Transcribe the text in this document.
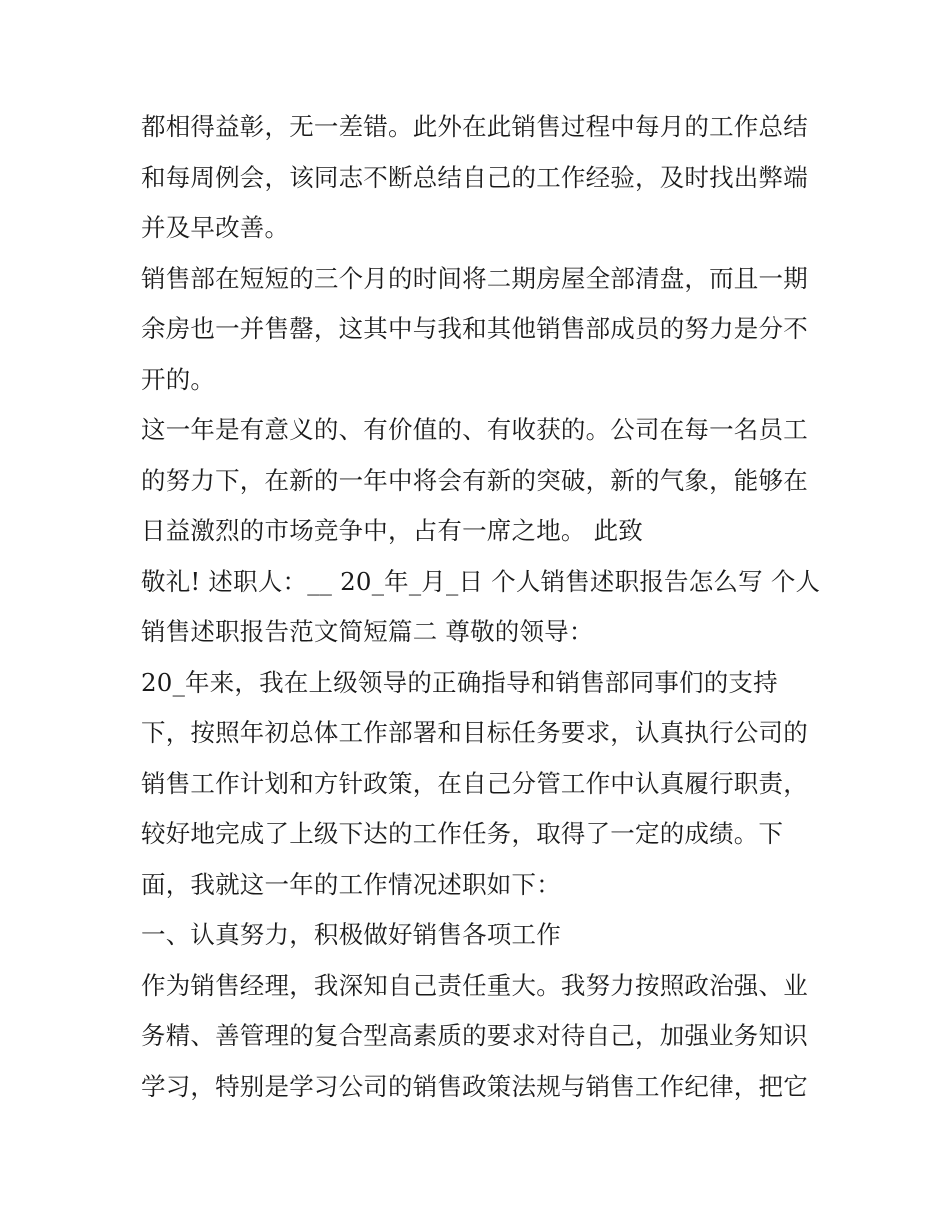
都相得益彰，无一差错。此外在此销售过程中每月的工作总结
和每周例会，该同志不断总结自己的工作经验，及时找出弊端
并及早改善。
销售部在短短的三个月的时间将二期房屋全部清盘，而且一期
余房也一并售罄，这其中与我和其他销售部成员的努力是分不
开的。
这一年是有意义的、有价值的、有收获的。公司在每一名员工
的努力下，在新的一年中将会有新的突破，新的气象，能够在
日益激烈的市场竞争中，占有一席之地。 此致
敬礼! 述职人：__ 20_年_月_日 个人销售述职报告怎么写 个人
销售述职报告范文简短篇二 尊敬的领导：
20_年来，我在上级领导的正确指导和销售部同事们的支持
下，按照年初总体工作部署和目标任务要求，认真执行公司的
销售工作计划和方针政策，在自己分管工作中认真履行职责，
较好地完成了上级下达的工作任务，取得了一定的成绩。下
面，我就这一年的工作情况述职如下：
一、认真努力，积极做好销售各项工作
作为销售经理，我深知自己责任重大。我努力按照政治强、业
务精、善管理的复合型高素质的要求对待自己，加强业务知识
学习，特别是学习公司的销售政策法规与销售工作纪律，把它
